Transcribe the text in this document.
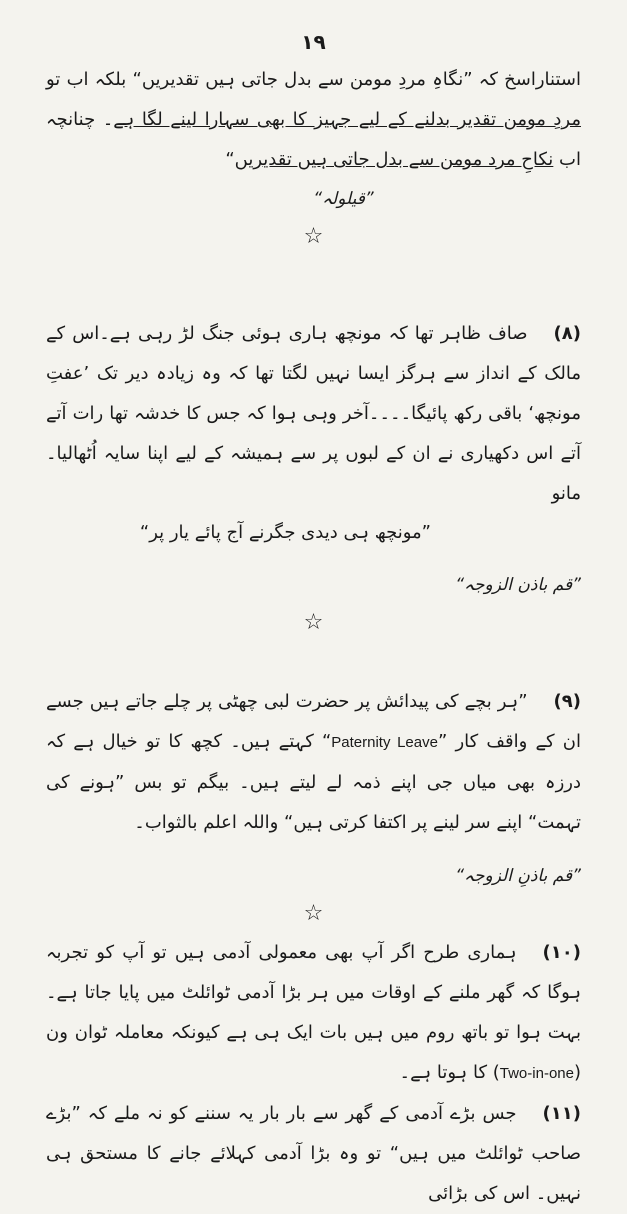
۱۹

استناراسخ کہ ”نگاہِ مردِ مومن سے بدل جاتی ہیں تقدیریں“ بلکہ اب تو مردِ مومن تقدیر بدلنے کے لیے جہیز کا بھی سہارا لینے لگا ہے۔ چنانچہ اب نکاحِ مرد مومن سے بدل جاتی ہیں تقدیریں“

”قیلولہ“

☆

(۸)صاف ظاہر تھا کہ مونچھ ہاری ہوئی جنگ لڑ رہی ہے۔اس کے مالک کے انداز سے ہرگز ایسا نہیں لگتا تھا کہ وہ زیادہ دیر تک ’عفتِ مونچھ‘ باقی رکھ پائیگا۔۔۔۔آخر وہی ہوا کہ جس کا خدشہ تھا رات آتے آتے اس دکھیاری نے ان کے لبوں پر سے ہمیشہ کے لیے اپنا سایہ اُٹھالیا۔ مانو

”مونچھ ہی دیدی جگرنے آج پائے یار پر“

”قم باذن الزوجہ“

☆

(۹)”ہر بچے کی پیدائش پر حضرت لبی چھٹی پر چلے جاتے ہیں جسے ان کے واقف کار ”Paternity Leave“ کہتے ہیں۔ کچھ کا تو خیال ہے کہ درزہ بھی میاں جی اپنے ذمہ لے لیتے ہیں۔ بیگم تو بس ”ہونے کی تہمت“ اپنے سر لینے پر اکتفا کرتی ہیں“ واللہ اعلم بالثواب۔

”قم باذنِ الزوجہ“

☆

(۱۰)ہماری طرح اگر آپ بھی معمولی آدمی ہیں تو آپ کو تجربہ ہوگا کہ گھر ملنے کے اوقات میں ہر بڑا آدمی ٹوائلٹ میں پایا جاتا ہے۔ بہت ہوا تو باتھ روم میں ہیں بات ایک ہی ہے کیونکہ معاملہ ٹوان ون (Two-in-one) کا ہوتا ہے۔

(۱۱)جس بڑے آدمی کے گھر سے بار بار یہ سننے کو نہ ملے کہ ”بڑے صاحب ٹوائلٹ میں ہیں“ تو وہ بڑا آدمی کہلائے جانے کا مستحق ہی نہیں۔ اس کی بڑائی
